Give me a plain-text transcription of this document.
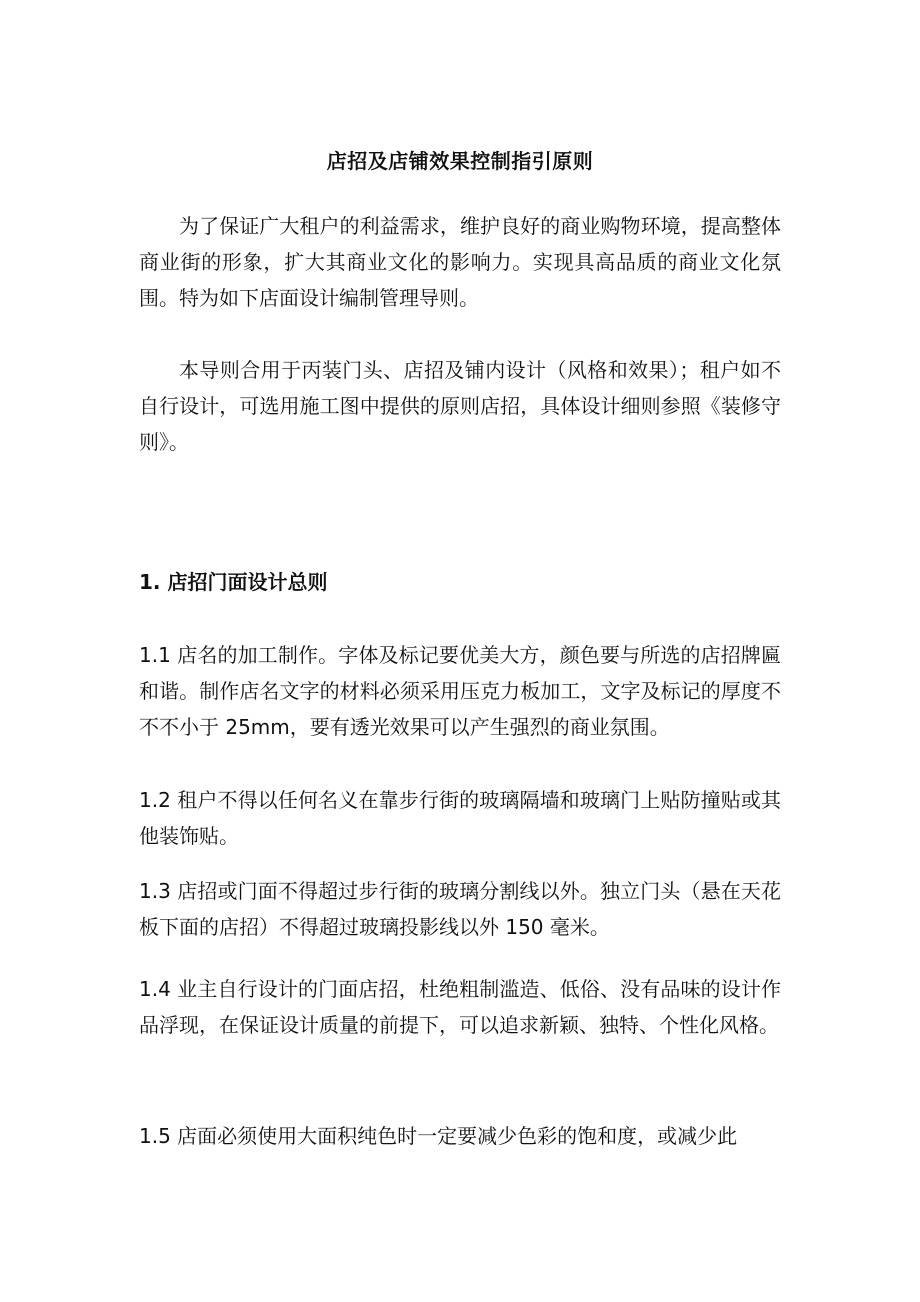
店招及店铺效果控制指引原则

为了保证广大租户的利益需求，维护良好的商业购物环境，提高整体商业街的形象，扩大其商业文化的影响力。实现具高品质的商业文化氛围。特为如下店面设计编制管理导则。

本导则合用于丙装门头、店招及铺内设计（风格和效果）；租户如不自行设计，可选用施工图中提供的原则店招，具体设计细则参照《装修守则》。

1. 店招门面设计总则

1.1 店名的加工制作。字体及标记要优美大方，颜色要与所选的店招牌匾和谐。制作店名文字的材料必须采用压克力板加工，文字及标记的厚度不不不小于 25mm，要有透光效果可以产生强烈的商业氛围。

1.2 租户不得以任何名义在靠步行街的玻璃隔墙和玻璃门上贴防撞贴或其他装饰贴。

1.3 店招或门面不得超过步行街的玻璃分割线以外。独立门头（悬在天花板下面的店招）不得超过玻璃投影线以外 150 毫米。

1.4 业主自行设计的门面店招，杜绝粗制滥造、低俗、没有品味的设计作品浮现，在保证设计质量的前提下，可以追求新颖、独特、个性化风格。

1.5 店面必须使用大面积纯色时一定要减少色彩的饱和度，或减少此
